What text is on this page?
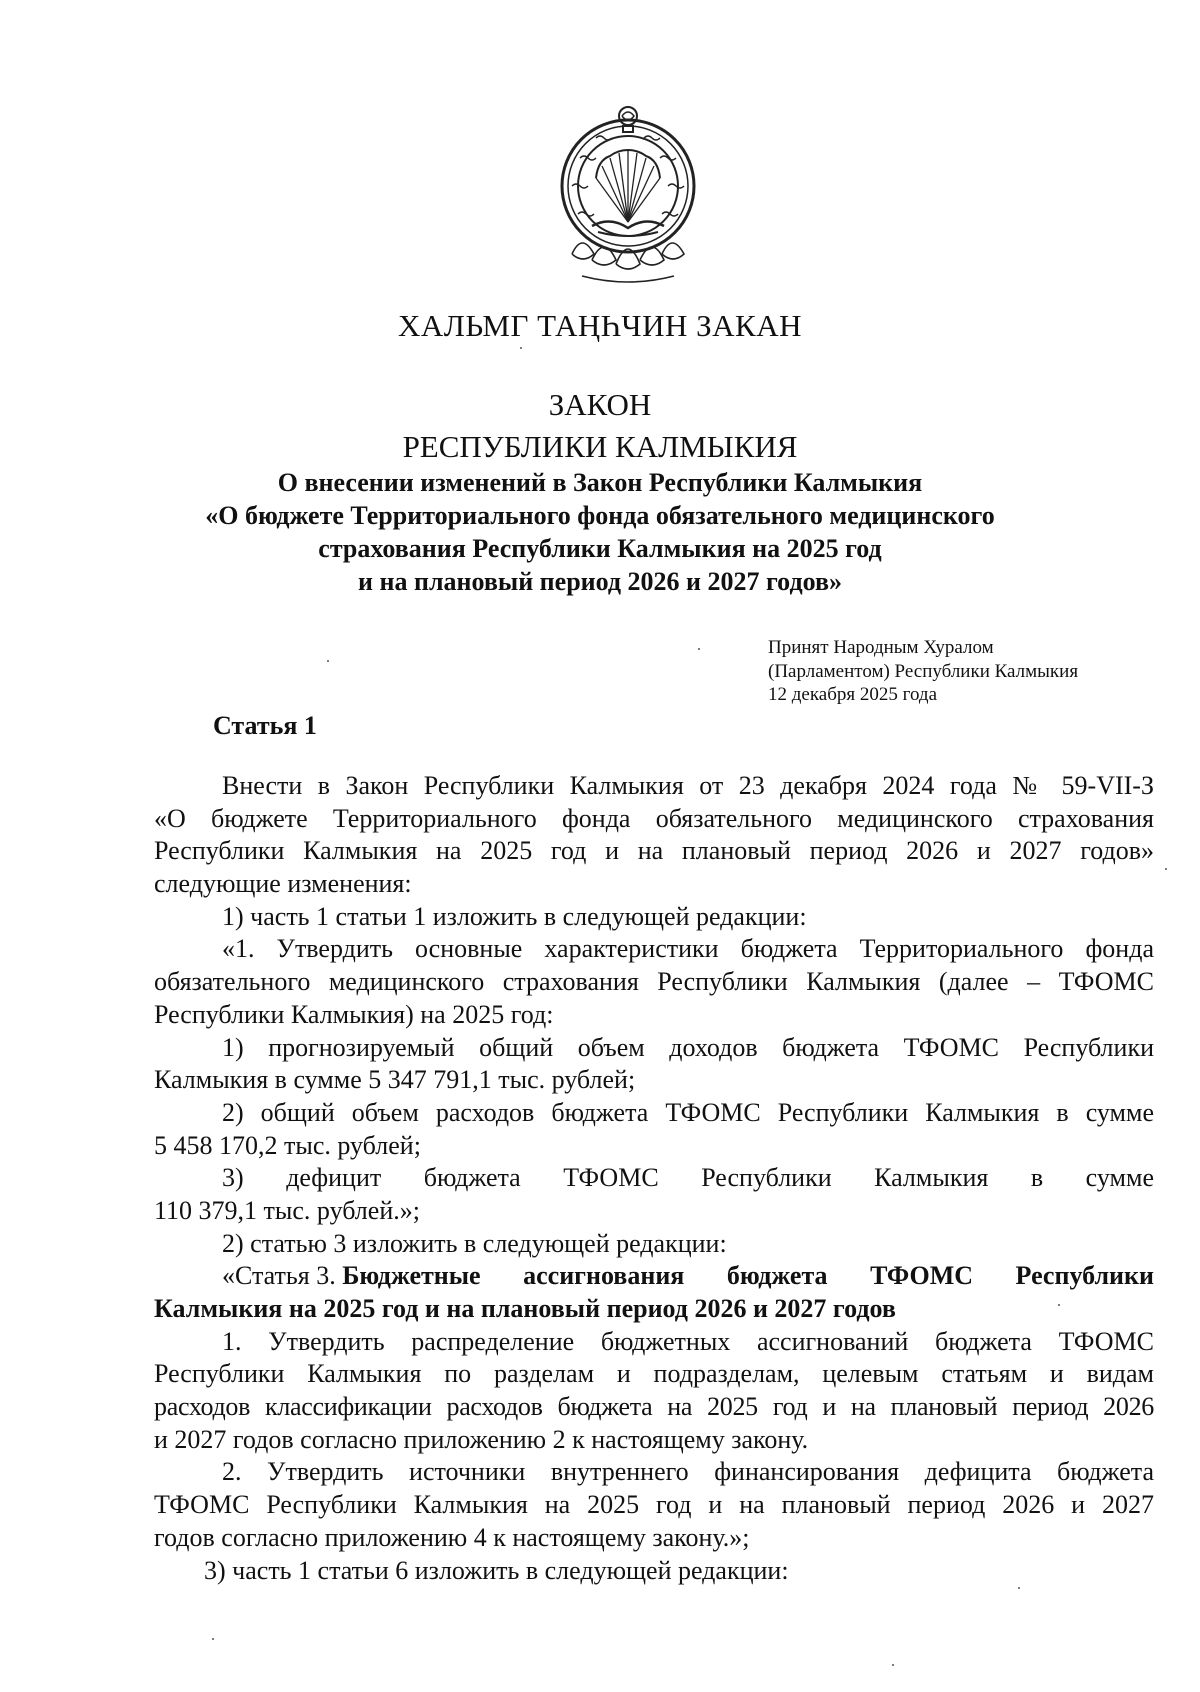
ХАЛЬМГ ТАҢҺЧИН ЗАКАН
ЗАКОН
РЕСПУБЛИКИ КАЛМЫКИЯ
О внесении изменений в Закон Республики Калмыкия
«О бюджете Территориального фонда обязательного медицинского
страхования Республики Калмыкия на 2025 год
и на плановый период 2026 и 2027 годов»
Принят Народным Хуралом
(Парламентом) Республики Калмыкия
12 декабря 2025 года
Статья 1
Внести в Закон Республики Калмыкия от 23 декабря 2024 года № 59-VII-З
«О бюджете Территориального фонда обязательного медицинского страхования
Республики Калмыкия на 2025 год и на плановый период 2026 и 2027 годов»
следующие изменения:
1) часть 1 статьи 1 изложить в следующей редакции:
«1. Утвердить основные характеристики бюджета Территориального фонда
обязательного медицинского страхования Республики Калмыкия (далее – ТФОМС
Республики Калмыкия) на 2025 год:
1) прогнозируемый общий объем доходов бюджета ТФОМС Республики
Калмыкия в сумме 5 347 791,1 тыс. рублей;
2) общий объем расходов бюджета ТФОМС Республики Калмыкия в сумме
5 458 170,2 тыс. рублей;
3) дефицит бюджета ТФОМС Республики Калмыкия в сумме
110 379,1 тыс. рублей.»;
2) статью 3 изложить в следующей редакции:
«Статья 3. Бюджетные ассигнования бюджета ТФОМС Республики
Калмыкия на 2025 год и на плановый период 2026 и 2027 годов
1. Утвердить распределение бюджетных ассигнований бюджета ТФОМС
Республики Калмыкия по разделам и подразделам, целевым статьям и видам
расходов классификации расходов бюджета на 2025 год и на плановый период 2026
и 2027 годов согласно приложению 2 к настоящему закону.
2. Утвердить источники внутреннего финансирования дефицита бюджета
ТФОМС Республики Калмыкия на 2025 год и на плановый период 2026 и 2027
годов согласно приложению 4 к настоящему закону.»;
3) часть 1 статьи 6 изложить в следующей редакции:
